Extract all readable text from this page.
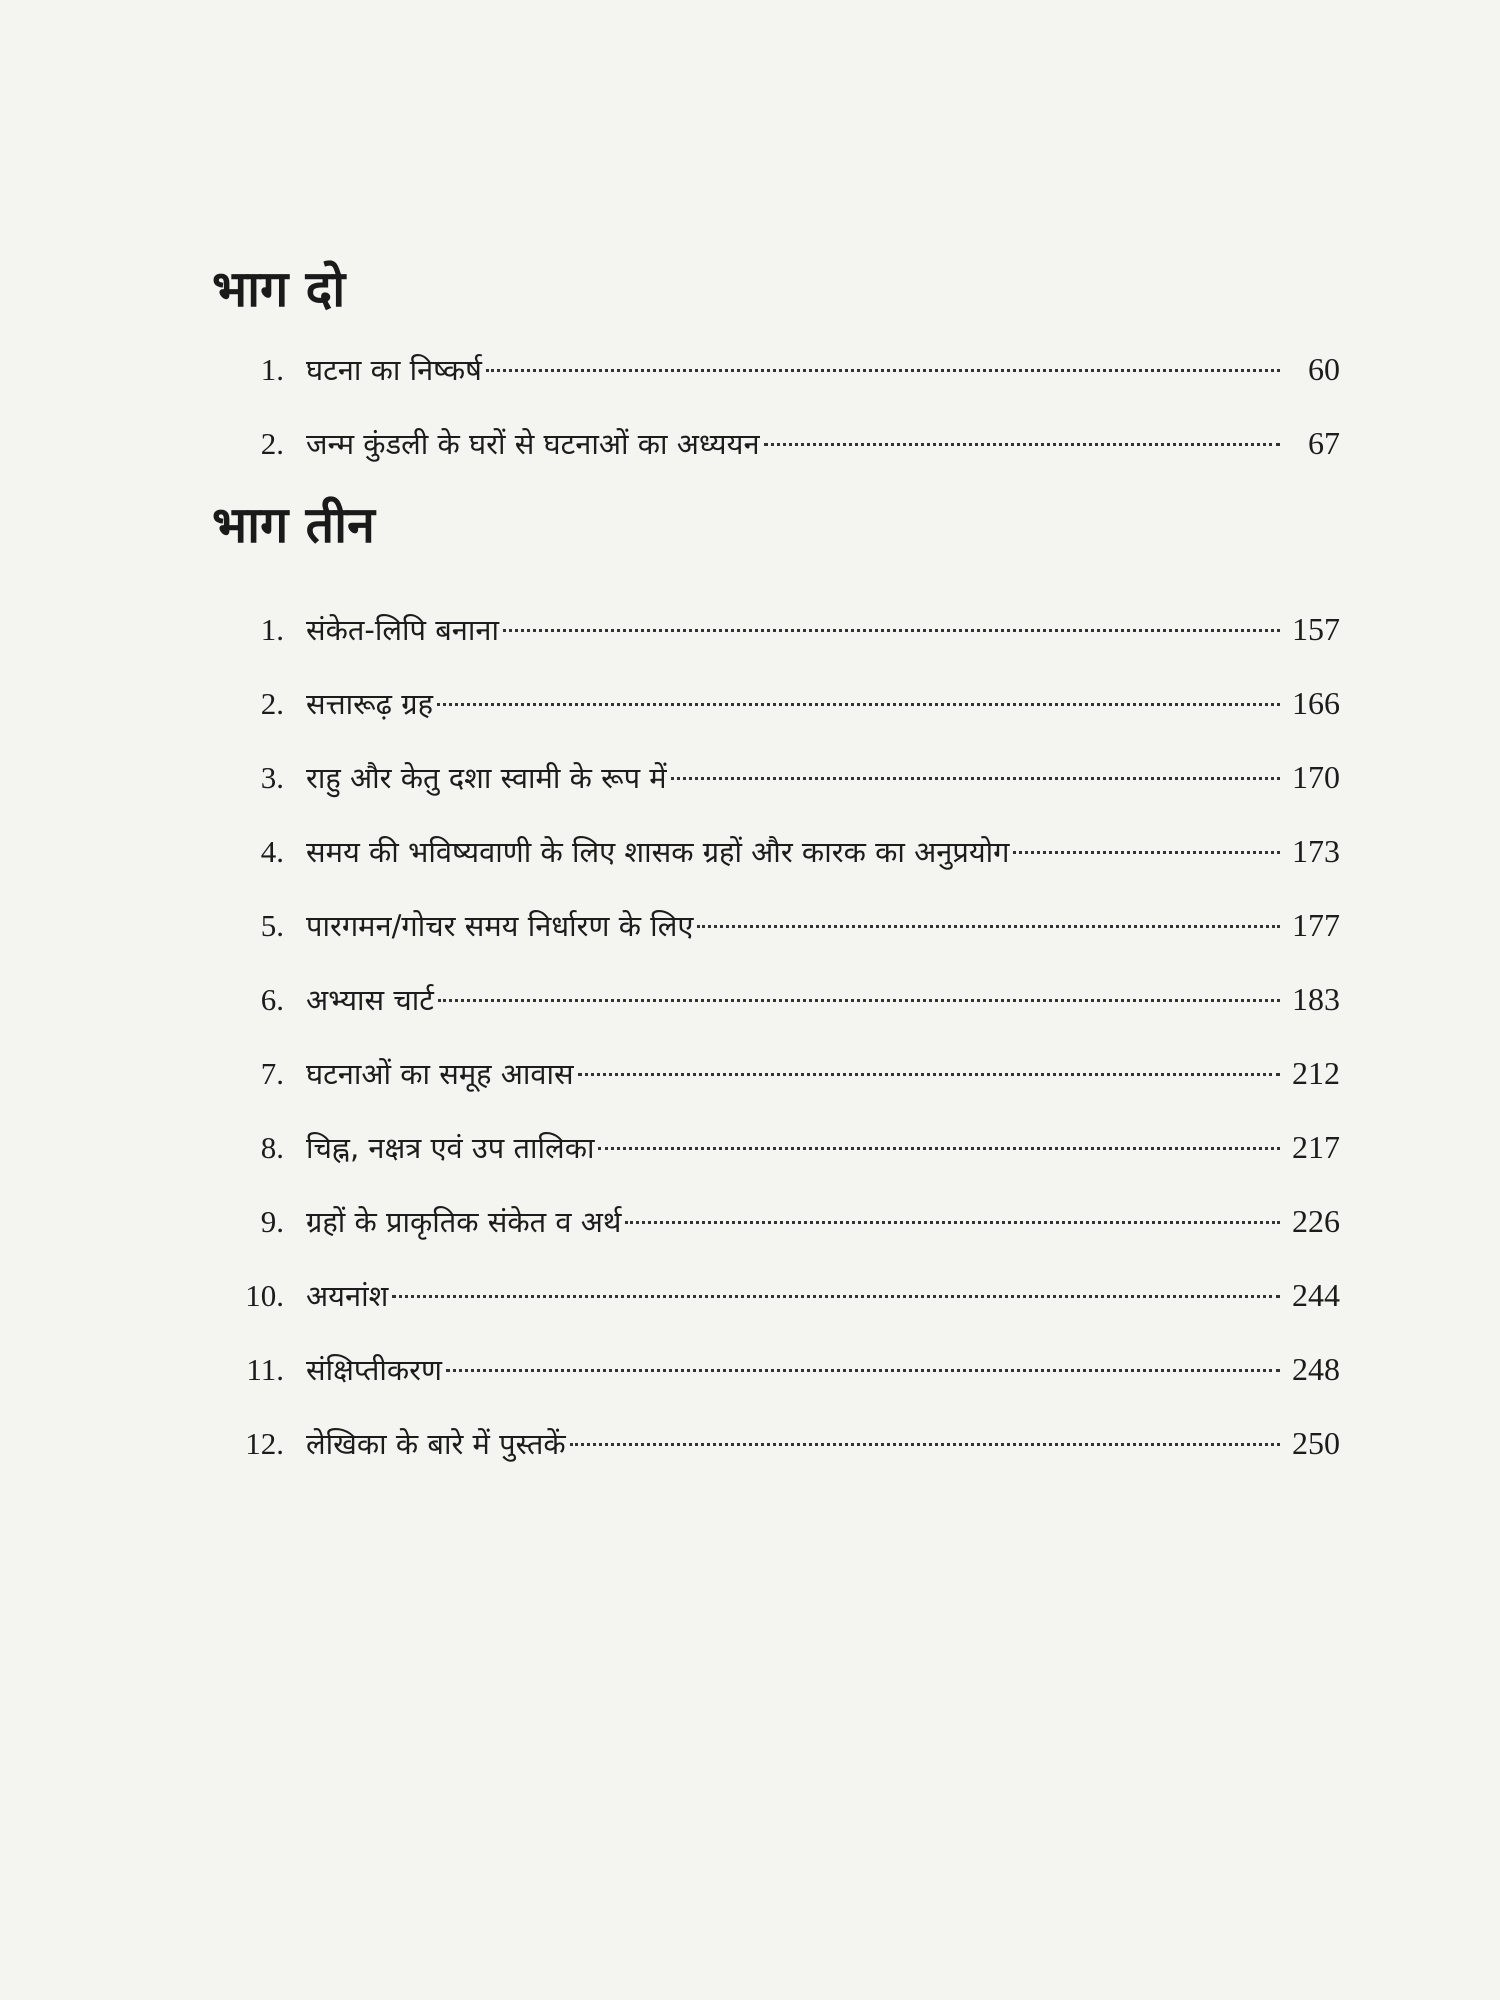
भाग दो
1. घटना का निष्कर्ष	60
2. जन्म कुंडली के घरों से घटनाओं का अध्ययन	67
भाग तीन
1. संकेत-लिपि बनाना	157
2. सत्तारूढ़ ग्रह	166
3. राहु और केतु दशा स्वामी के रूप में	170
4. समय की भविष्यवाणी के लिए शासक ग्रहों और कारक का अनुप्रयोग	173
5. पारगमन/गोचर समय निर्धारण के लिए	177
6. अभ्यास चार्ट	183
7. घटनाओं का समूह आवास	212
8. चिह्न, नक्षत्र एवं उप तालिका	217
9. ग्रहों के प्राकृतिक संकेत व अर्थ	226
10. अयनांश	244
11. संक्षिप्तीकरण	248
12. लेखिका के बारे में पुस्तकें	250
